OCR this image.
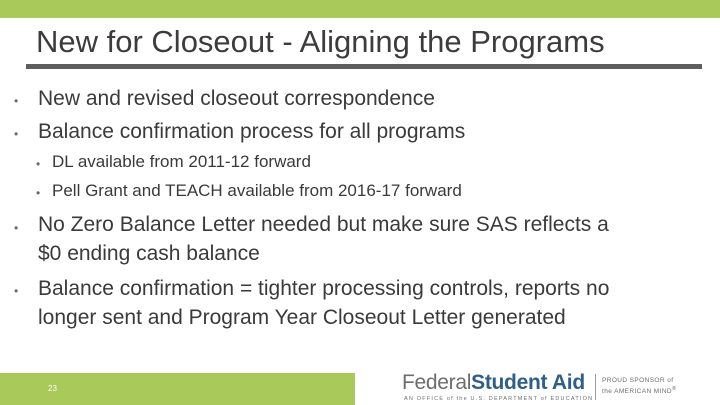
New for Closeout - Aligning the Programs
• New and revised closeout correspondence
• Balance confirmation process for all programs
• DL available from 2011-12 forward
• Pell Grant and TEACH available from 2016-17 forward
• No Zero Balance Letter needed but make sure SAS reflects a
$0 ending cash balance
• Balance confirmation = tighter processing controls, reports no
longer sent and Program Year Closeout Letter generated
23	FederalStudent Aid
AN OFFICE of the U.S. DEPARTMENT of EDUCATION
PROUD SPONSOR of
the AMERICAN MIND®
